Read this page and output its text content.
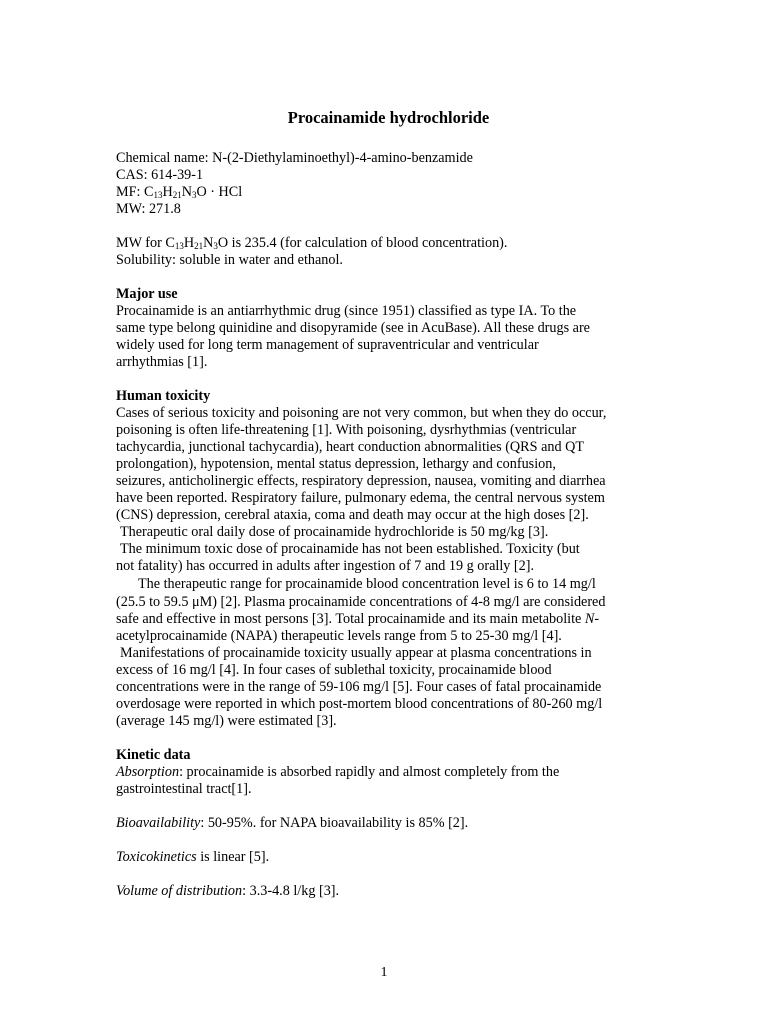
Procainamide hydrochloride
Chemical name: N-(2-Diethylaminoethyl)-4-amino-benzamide
CAS: 614-39-1
MF: $C_{13}H_{21}N_3O$ · HCl
MW: 271.8
MW for $C_{13}H_{21}N_3O$ is 235.4 (for calculation of blood concentration).
Solubility: soluble in water and ethanol.
Major use
Procainamide is an antiarrhythmic drug (since 1951) classified as type IA. To the
same type belong quinidine and disopyramide (see in AcuBase). All these drugs are
widely used for long term management of supraventricular and ventricular
arrhythmias [1].
Human toxicity
Cases of serious toxicity and poisoning are not very common, but when they do occur,
poisoning is often life-threatening [1]. With poisoning, dysrhythmias (ventricular
tachycardia, junctional tachycardia), heart conduction abnormalities (QRS and QT
prolongation), hypotension, mental status depression, lethargy and confusion,
seizures, anticholinergic effects, respiratory depression, nausea, vomiting and diarrhea
have been reported. Respiratory failure, pulmonary edema, the central nervous system
(CNS) depression, cerebral ataxia, coma and death may occur at the high doses [2].
Therapeutic oral daily dose of procainamide hydrochloride is 50 mg/kg [3].
The minimum toxic dose of procainamide has not been established. Toxicity (but
not fatality) has occurred in adults after ingestion of 7 and 19 g orally [2].
The therapeutic range for procainamide blood concentration level is 6 to 14 mg/l
(25.5 to 59.5 μM) [2]. Plasma procainamide concentrations of 4-8 mg/l are considered
safe and effective in most persons [3]. Total procainamide and its main metabolite N-
acetylprocainamide (NAPA) therapeutic levels range from 5 to 25-30 mg/l [4].
Manifestations of procainamide toxicity usually appear at plasma concentrations in
excess of 16 mg/l [4]. In four cases of sublethal toxicity, procainamide blood
concentrations were in the range of 59-106 mg/l [5]. Four cases of fatal procainamide
overdosage were reported in which post-mortem blood concentrations of 80-260 mg/l
(average 145 mg/l) were estimated [3].
Kinetic data
Absorption: procainamide is absorbed rapidly and almost completely from the
gastrointestinal tract[1].
Bioavailability: 50-95%. for NAPA bioavailability is 85% [2].
Toxicokinetics is linear [5].
Volume of distribution: 3.3-4.8 l/kg [3].
1
